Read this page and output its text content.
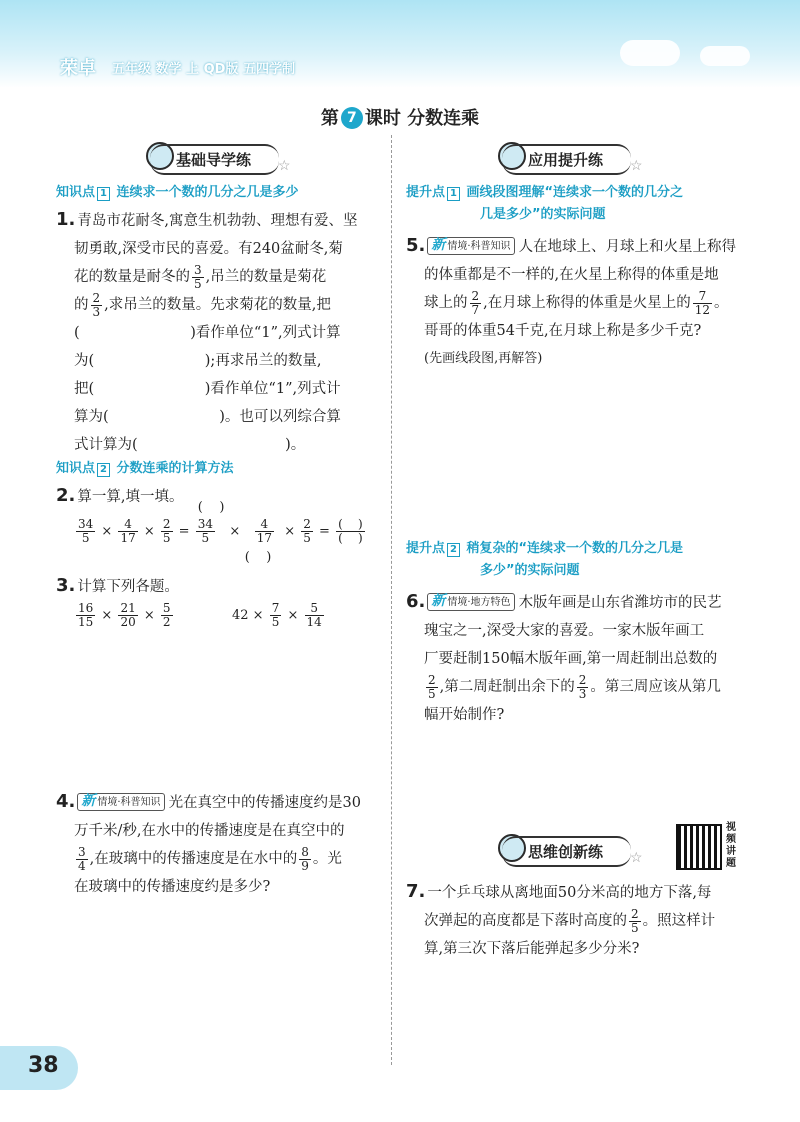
荣卓 五年级 数学 上 QD版 五四学制
第 7 课时 分数连乘
基础导学练	☆
知识点 1 连续求一个数的几分之几是多少
1. 青岛市花耐冬,寓意生机勃勃、理想有爱、坚
韧勇敢,深受市民的喜爱。有240盆耐冬,菊
花的数量是耐冬的 $\frac{3}{5}$ ,吊兰的数量是菊花
的 $\frac{2}{3}$ ,求吊兰的数量。先求菊花的数量,把
(                        )看作单位“1”,列式计算
为(                        );再求吊兰的数量,
把(                        )看作单位“1”,列式计
算为(                        )。也可以列综合算
式计算为(                                )。
知识点 2 分数连乘的计算方法
2. 算一算,填一填。
$\frac{34}{5} \times \frac{4}{17} \times \frac{2}{5}$ =
(    )
$\frac{34}{5} \times \frac{4}{17}$
(    )
× $\frac{2}{5} = \frac{( )}{( )}$
3. 计算下列各题。
$\frac{16}{15} \times \frac{21}{20} \times \frac{5}{2}$	$42 \times \frac{7}{5} \times \frac{5}{14}$
4. 新 情境·科普知识 光在真空中的传播速度约是30
万千米/秒,在水中的传播速度是在真空中的
$\frac{3}{4}$ ,在玻璃中的传播速度是在水中的 $\frac{8}{9}$ 。光
在玻璃中的传播速度约是多少?
应用提升练	☆
提升点 1 画线段图理解“连续求一个数的几分之
几是多少”的实际问题
5. 新 情境·科普知识 人在地球上、月球上和火星上称得
的体重都是不一样的,在火星上称得的体重是地
球上的 $\frac{2}{7}$ ,在月球上称得的体重是火星上的 $\frac{7}{12}$ 。
哥哥的体重54千克,在月球上称是多少千克?
(先画线段图,再解答)
提升点 2 稍复杂的“连续求一个数的几分之几是
多少”的实际问题
6. 新 情境·地方特色 木版年画是山东省潍坊市的民艺
瑰宝之一,深受大家的喜爱。一家木版年画工
厂要赶制150幅木版年画,第一周赶制出总数的
$\frac{2}{5}$ ,第二周赶制出余下的 $\frac{2}{3}$ 。第三周应该从第几
幅开始制作?
思维创新练	☆
视频讲题
7. 一个乒乓球从离地面50分米高的地方下落,每
次弹起的高度都是下落时高度的 $\frac{2}{5}$ 。照这样计
算,第三次下落后能弹起多少分米?
38
